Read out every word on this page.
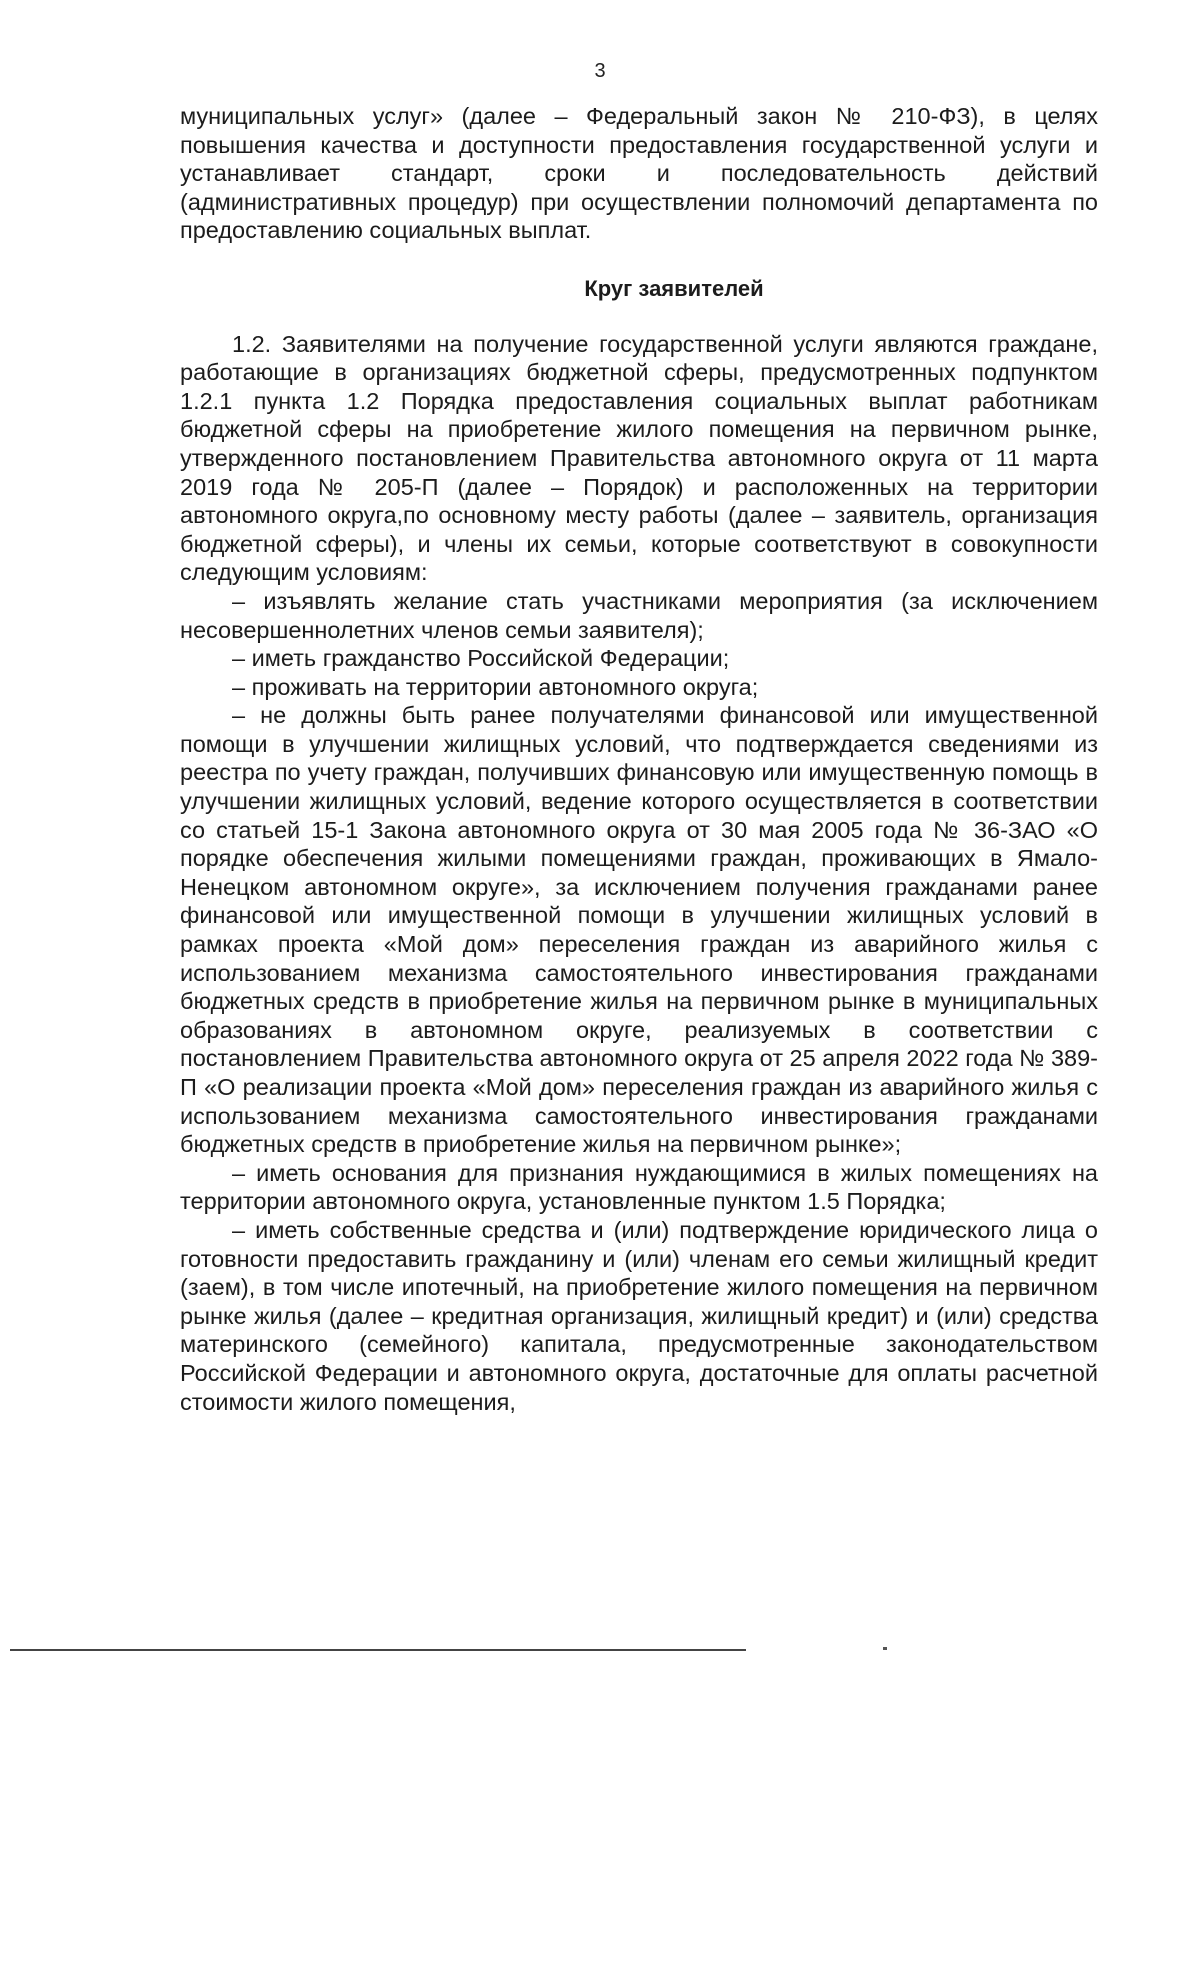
3

муниципальных услуг» (далее – Федеральный закон № 210-ФЗ), в целях повышения качества и доступности предоставления государственной услуги и устанавливает стандарт, сроки и последовательность действий (административных процедур) при осуществлении полномочий департамента по предоставлению социальных выплат.

Круг заявителей

1.2. Заявителями на получение государственной услуги являются граждане, работающие в организациях бюджетной сферы, предусмотренных подпунктом 1.2.1 пункта 1.2 Порядка предоставления социальных выплат работникам бюджетной сферы на приобретение жилого помещения на первичном рынке, утвержденного постановлением Правительства автономного округа от 11 марта 2019 года № 205-П (далее – Порядок) и расположенных на территории автономного округа,по основному месту работы (далее – заявитель, организация бюджетной сферы), и члены их семьи, которые соответствуют в совокупности следующим условиям:

– изъявлять желание стать участниками мероприятия (за исключением несовершеннолетних членов семьи заявителя);

– иметь гражданство Российской Федерации;

– проживать на территории автономного округа;

– не должны быть ранее получателями финансовой или имущественной помощи в улучшении жилищных условий, что подтверждается сведениями из реестра по учету граждан, получивших финансовую или имущественную помощь в улучшении жилищных условий, ведение которого осуществляется в соответствии со статьей 15-1 Закона автономного округа от 30 мая 2005 года № 36-ЗАО «О порядке обеспечения жилыми помещениями граждан, проживающих в Ямало-Ненецком автономном округе», за исключением получения гражданами ранее финансовой или имущественной помощи в улучшении жилищных условий в рамках проекта «Мой дом» переселения граждан из аварийного жилья с использованием механизма самостоятельного инвестирования гражданами бюджетных средств в приобретение жилья на первичном рынке в муниципальных образованиях в автономном округе, реализуемых в соответствии с постановлением Правительства автономного округа от 25 апреля 2022 года № 389-П «О реализации проекта «Мой дом» переселения граждан из аварийного жилья с использованием механизма самостоятельного инвестирования гражданами бюджетных средств в приобретение жилья на первичном рынке»;

– иметь основания для признания нуждающимися в жилых помещениях на территории автономного округа, установленные пунктом 1.5 Порядка;

– иметь собственные средства и (или) подтверждение юридического лица о готовности предоставить гражданину и (или) членам его семьи жилищный кредит (заем), в том числе ипотечный, на приобретение жилого помещения на первичном рынке жилья (далее – кредитная организация, жилищный кредит) и (или) средства материнского (семейного) капитала, предусмотренные законодательством Российской Федерации и автономного округа, достаточные для оплаты расчетной стоимости жилого помещения,
